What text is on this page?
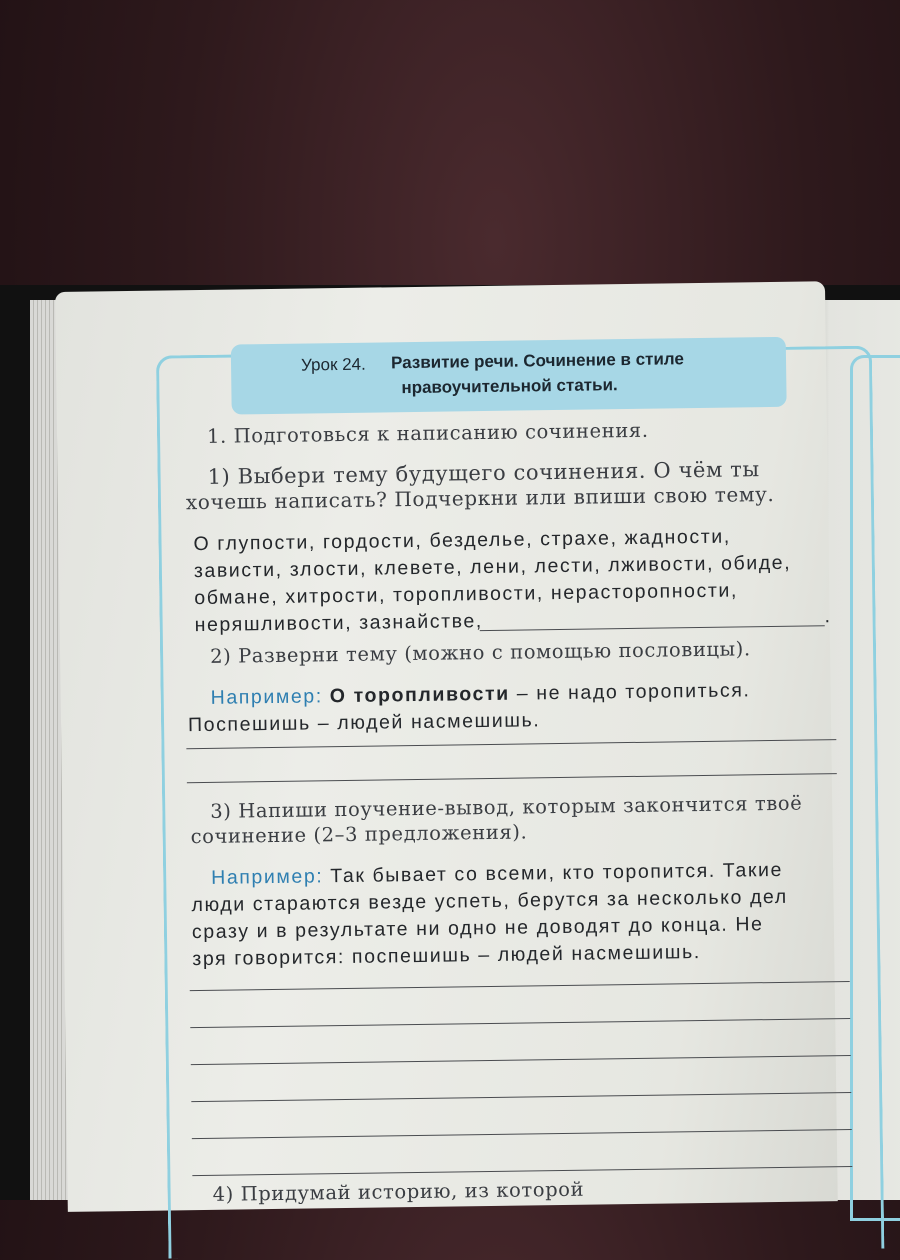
Урок 24. Развитие речи. Сочинение в стиле
нравоучительной статьи.
1. Подготовься к написанию сочинения.
1) Выбери тему будущего сочинения. О чём ты
хочешь написать? Подчеркни или впиши свою тему.
О глупости, гордости, безделье, страхе, жадности,
зависти, злости, клевете, лени, лести, лживости, обиде,
обмане, хитрости, торопливости, нерасторопности,
неряшливости, зазнайстве,	.
2) Разверни тему (можно с помощью пословицы).
Например: О торопливости – не надо торопиться.
Поспешишь – людей насмешишь.
3) Напиши поучение-вывод, которым закончится твоё
сочинение (2–3 предложения).
Например: Так бывает со всеми, кто торопится. Такие
люди стараются везде успеть, берутся за несколько дел
сразу и в результате ни одно не доводят до конца. Не
зря говорится: поспешишь – людей насмешишь.
4) Придумай историю, из которой
